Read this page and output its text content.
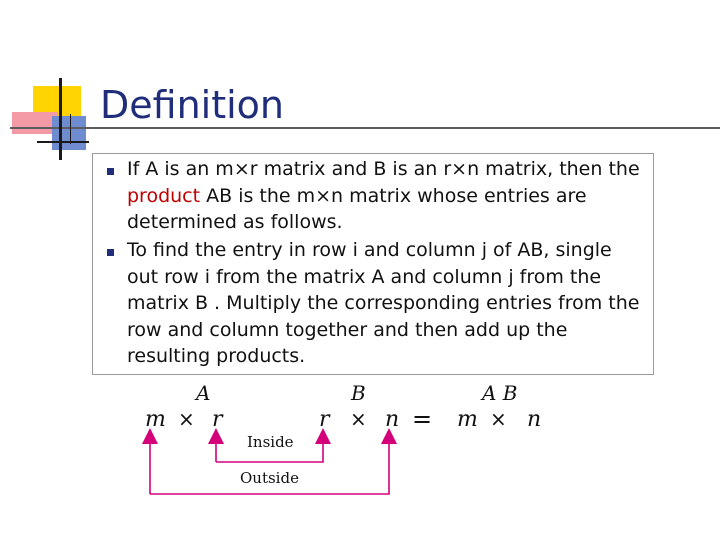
Definition
If A is an m×r matrix and B is an r×n matrix, then the product AB is the m×n matrix whose entries are determined as follows.
To find the entry in row i and column j of AB, single out row i from the matrix A and column j from the matrix B . Multiply the corresponding entries from the row and column together and then add up the resulting products.
A	B	A B
m r	r	n	m n
×	×	×
=
Inside
Outside
